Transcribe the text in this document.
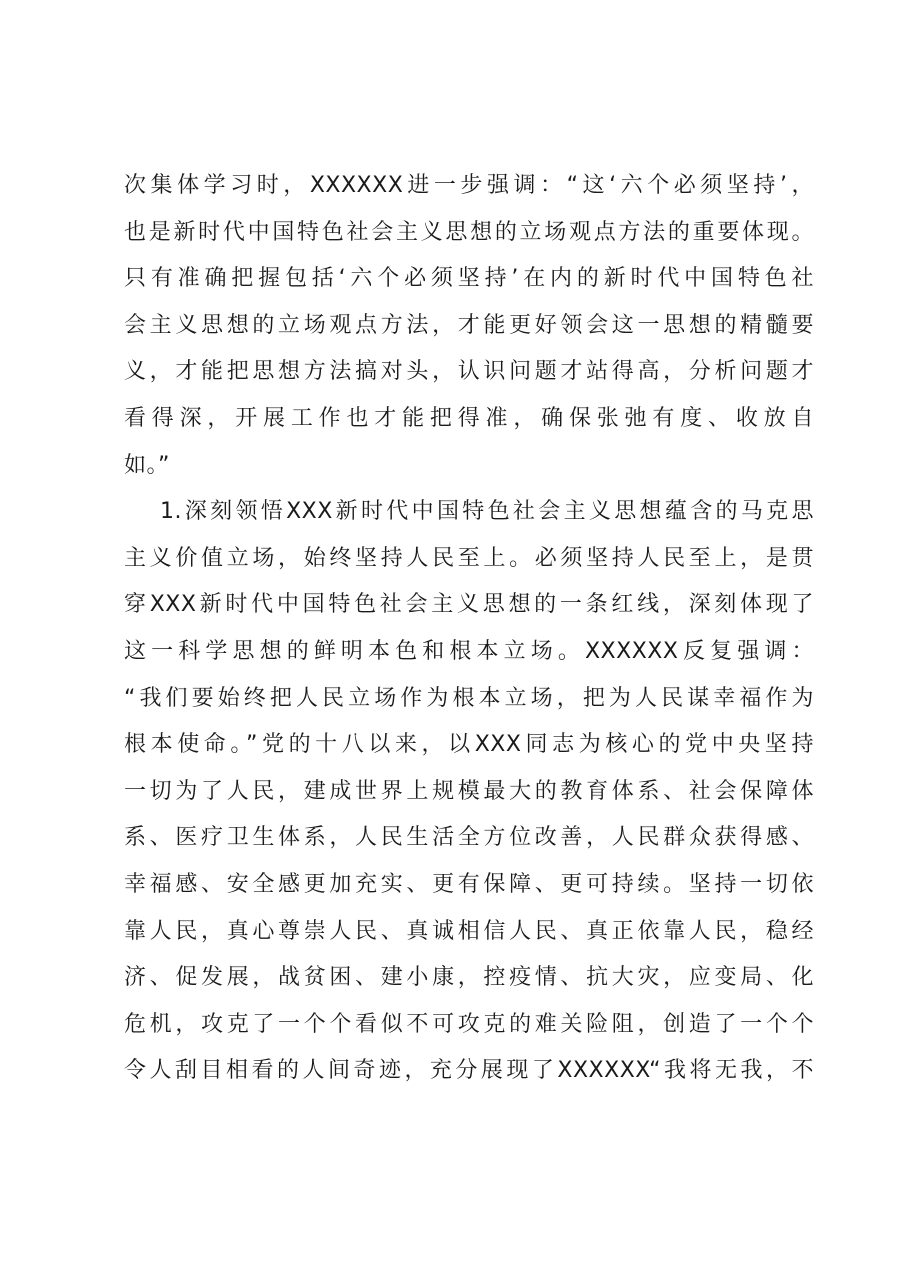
次集体学习时，XXXXXX进一步强调：“这‘六个必须坚持’，
也是新时代中国特色社会主义思想的立场观点方法的重要体现。
只有准确把握包括‘六个必须坚持’在内的新时代中国特色社
会主义思想的立场观点方法，才能更好领会这一思想的精髓要
义，才能把思想方法搞对头，认识问题才站得高，分析问题才
看得深，开展工作也才能把得准，确保张弛有度、收放自
如。”
1.深刻领悟XXX新时代中国特色社会主义思想蕴含的马克思
主义价值立场，始终坚持人民至上。必须坚持人民至上，是贯
穿XXX新时代中国特色社会主义思想的一条红线，深刻体现了
这一科学思想的鲜明本色和根本立场。XXXXXX反复强调：
“我们要始终把人民立场作为根本立场，把为人民谋幸福作为
根本使命。”党的十八以来，以XXX同志为核心的党中央坚持
一切为了人民，建成世界上规模最大的教育体系、社会保障体
系、医疗卫生体系，人民生活全方位改善，人民群众获得感、
幸福感、安全感更加充实、更有保障、更可持续。坚持一切依
靠人民，真心尊崇人民、真诚相信人民、真正依靠人民，稳经
济、促发展，战贫困、建小康，控疫情、抗大灾，应变局、化
危机，攻克了一个个看似不可攻克的难关险阻，创造了一个个
令人刮目相看的人间奇迹，充分展现了XXXXXX“我将无我，不
